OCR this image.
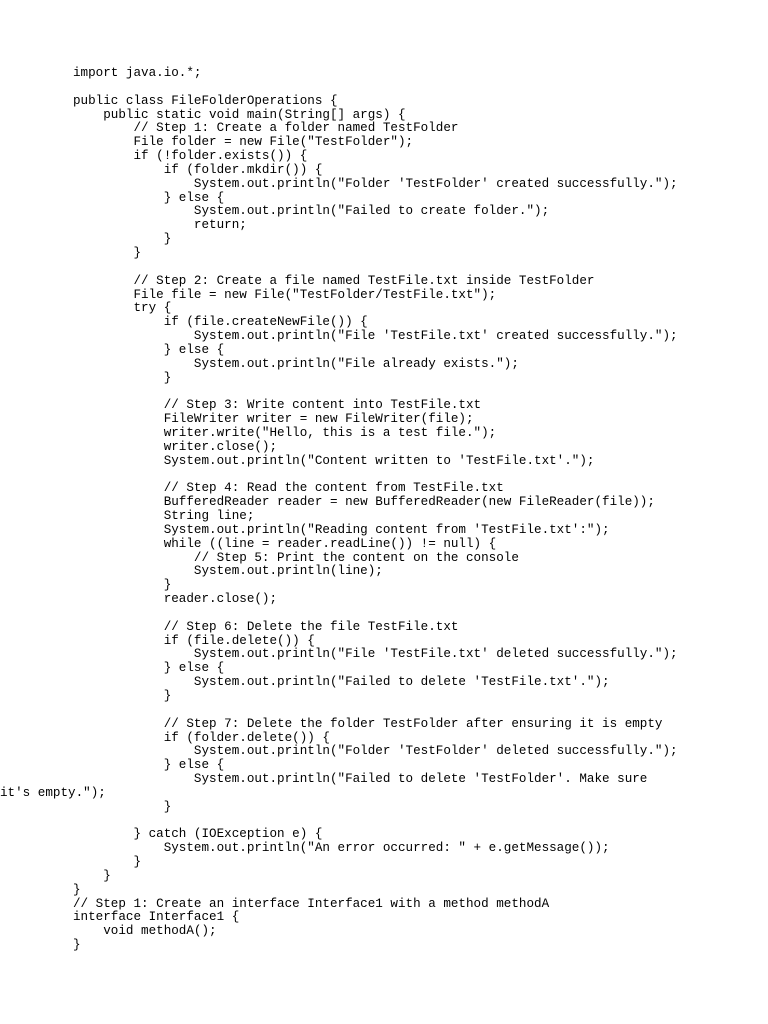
import java.io.*;
public class FileFolderOperations {
public static void main(String[] args) {
// Step 1: Create a folder named TestFolder
File folder = new File("TestFolder");
if (!folder.exists()) {
if (folder.mkdir()) {
System.out.println("Folder 'TestFolder' created successfully.");
} else {
System.out.println("Failed to create folder.");
return;
}
}
// Step 2: Create a file named TestFile.txt inside TestFolder
File file = new File("TestFolder/TestFile.txt");
try {
if (file.createNewFile()) {
System.out.println("File 'TestFile.txt' created successfully.");
} else {
System.out.println("File already exists.");
}
// Step 3: Write content into TestFile.txt
FileWriter writer = new FileWriter(file);
writer.write("Hello, this is a test file.");
writer.close();
System.out.println("Content written to 'TestFile.txt'.");
// Step 4: Read the content from TestFile.txt
BufferedReader reader = new BufferedReader(new FileReader(file));
String line;
System.out.println("Reading content from 'TestFile.txt':");
while ((line = reader.readLine()) != null) {
// Step 5: Print the content on the console
System.out.println(line);
}
reader.close();
// Step 6: Delete the file TestFile.txt
if (file.delete()) {
System.out.println("File 'TestFile.txt' deleted successfully.");
} else {
System.out.println("Failed to delete 'TestFile.txt'.");
}
// Step 7: Delete the folder TestFolder after ensuring it is empty
if (folder.delete()) {
System.out.println("Folder 'TestFolder' deleted successfully.");
} else {
System.out.println("Failed to delete 'TestFolder'. Make sure
it's empty.");
}
} catch (IOException e) {
System.out.println("An error occurred: " + e.getMessage());
}
}
}
// Step 1: Create an interface Interface1 with a method methodA
interface Interface1 {
void methodA();
}
